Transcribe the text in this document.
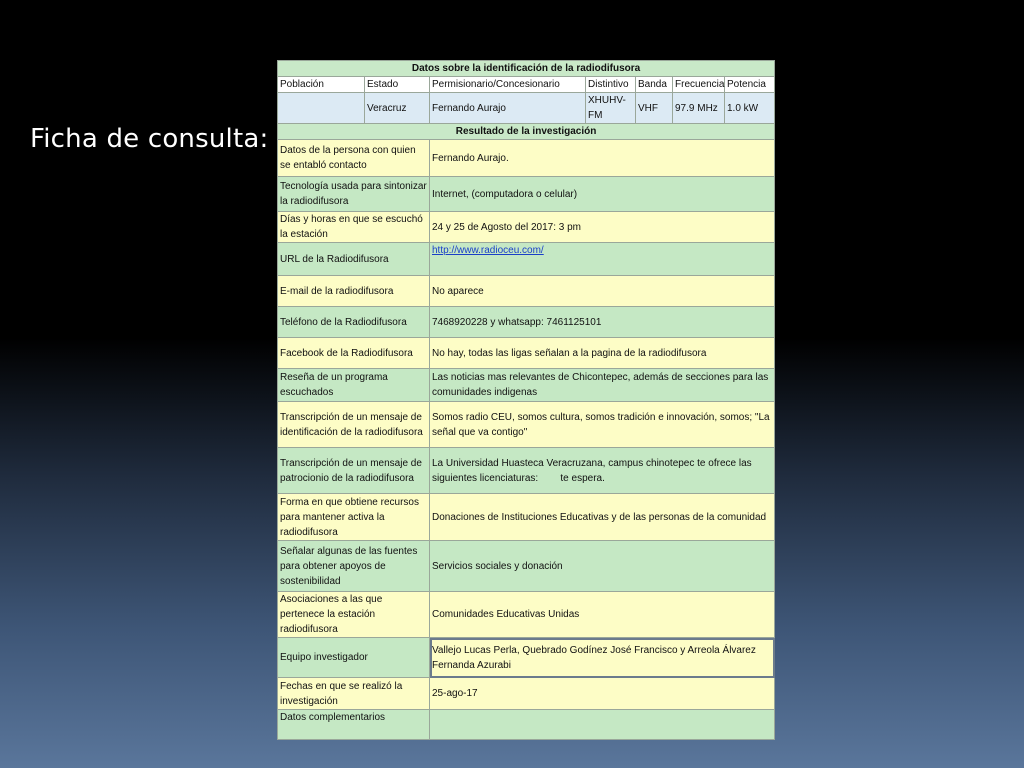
Ficha de consulta:
Datos sobre la identificación de la radiodifusora						
Población	Estado	Permisionario/Concesionario	Distintivo	Banda	Frecuencia	Potencia
	Veracruz	Fernando Aurajo	XHUHV-FM	VHF	97.9 MHz	1.0 kW
Resultado de la investigación						
Datos de la persona con quien se entabló contacto		Fernando Aurajo.				
Tecnología usada para sintonizar la radiodifusora		Internet, (computadora o celular)				
Días y horas en que se escuchó la estación		24 y 25 de Agosto del 2017: 3 pm				
URL de la Radiodifusora		http://www.radioceu.com/				
E-mail de la radiodifusora		No aparece				
Teléfono de la Radiodifusora		7468920228 y whatsapp: 7461125101				
Facebook de la Radiodifusora		No hay, todas las ligas señalan a la pagina de la radiodifusora				
Reseña de un programa escuchados		Las noticias mas relevantes de Chicontepec, además de secciones para las comunidades indigenas				
Transcripción de un mensaje de identificación de la radiodifusora		Somos radio CEU, somos cultura, somos tradición e innovación, somos; "La señal que va contigo"				
Transcripción de un mensaje de patrocionio de la radiodifusora		La Universidad Huasteca Veracruzana, campus chinotepec te ofrece las siguientes licenciaturas:        te espera.				
Forma en que obtiene recursos para mantener activa la radiodifusora		Donaciones de Instituciones Educativas y de las personas de la comunidad				
Señalar algunas de las fuentes para obtener apoyos de sostenibilidad		Servicios sociales y donación				
Asociaciones a las que pertenece la estación radiodifusora		Comunidades Educativas Unidas				
Equipo investigador		Vallejo Lucas Perla, Quebrado Godínez José Francisco y Arreola Álvarez Fernanda Azurabi				
Fechas en que se realizó la investigación		25-ago-17				
Datos complementarios						
